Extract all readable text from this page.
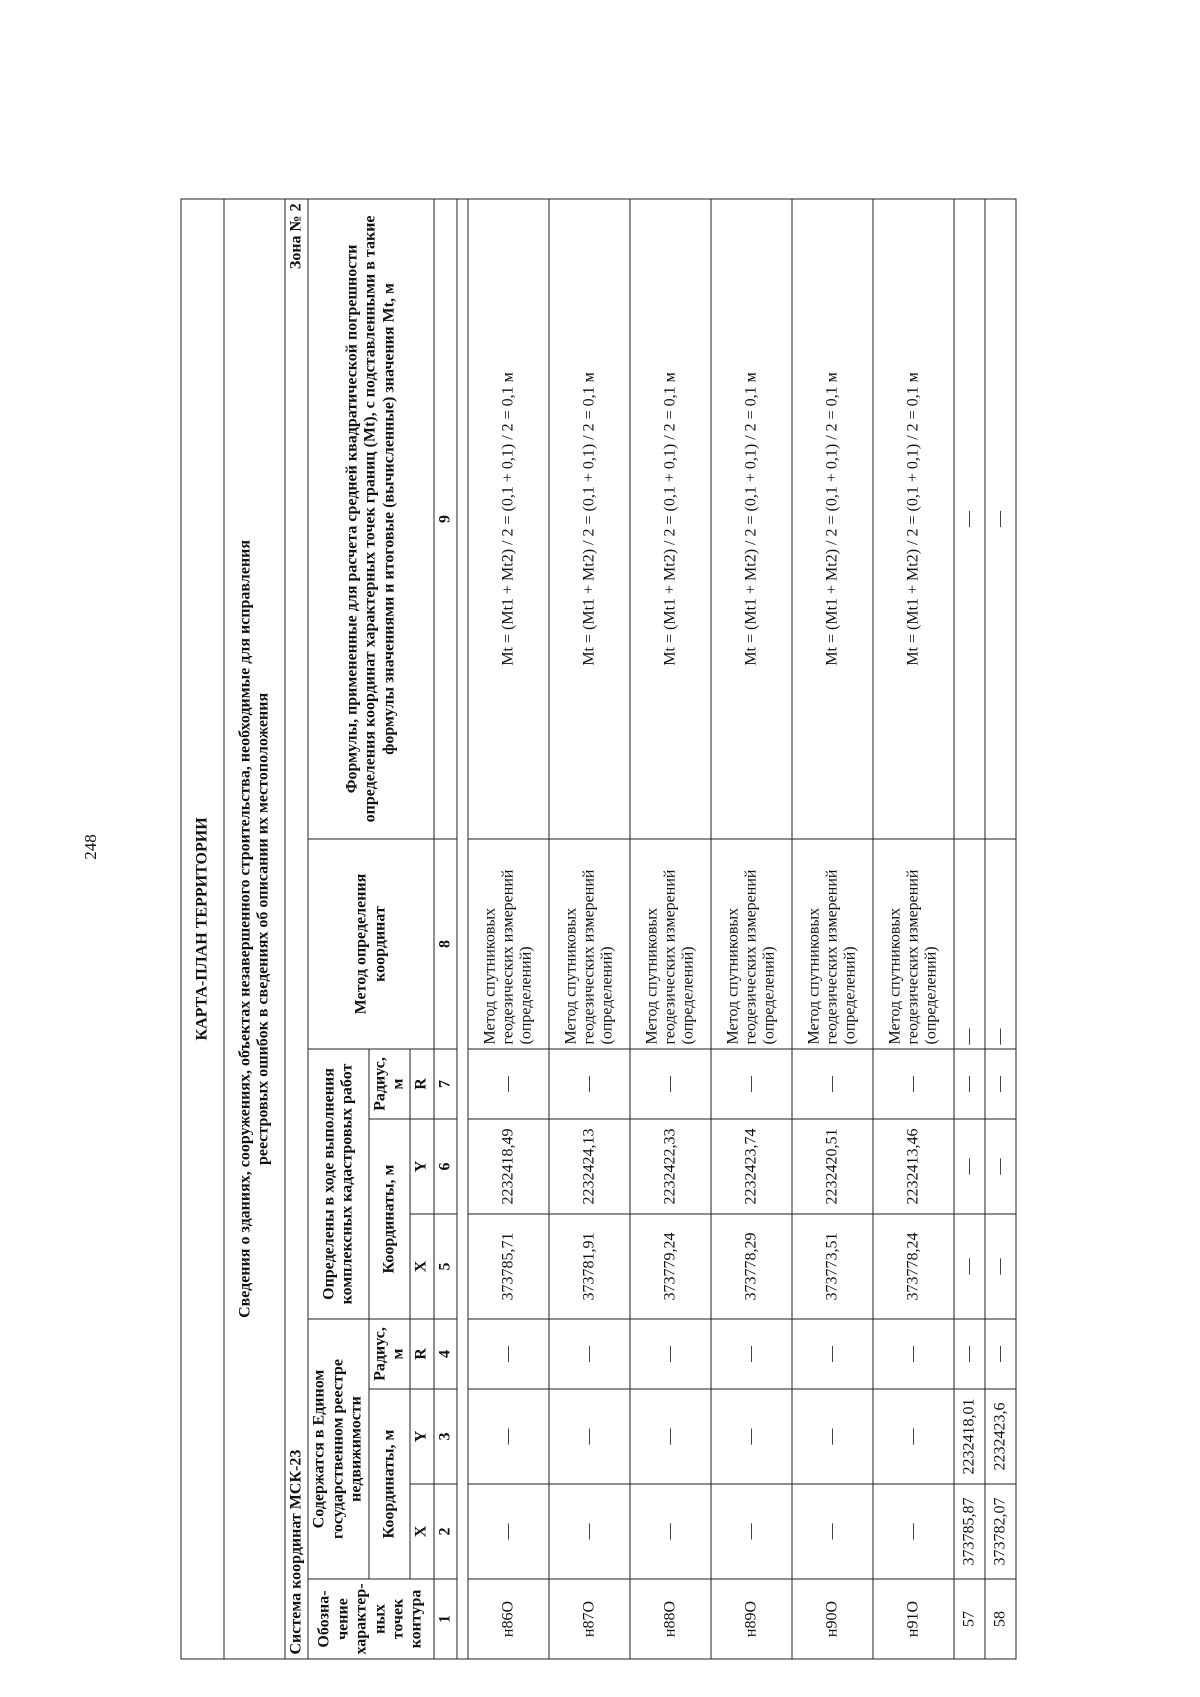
248	КАРТА-ПЛАН ТЕРРИТОРИИ								
Сведения о зданиях, сооружениях, объектах незавершенного строительства, необходимые для исправления
реестровых ошибок в сведениях об описании их местоположения								

Система координат МСК-23
Зона № 2								

Обозна-чение характер-ных точек контура	Содержатся в Едином государственном реестре недвижимости			Определены в ходе выполнения комплексных кадастровых работ			Метод определения координат	Формулы, примененные для расчета средней квадратической погрешности определения координат характерных точек границ (Mt), с подставленными в такие формулы значениями и итоговые (вычисленные) значения Mt, м
	Координаты, м		Радиус, м	Координаты, м		Радиус, м		
	X	Y	R	X	Y	R		
1	2	3	4	5	6	7	8	9

н86О	—	—	—	373785,71	2232418,49	—	Метод спутниковых геодезических измерений (определений)	Mt = (Mt1 + Mt2) / 2 = (0,1 + 0,1) / 2 = 0,1 м
н87О	—	—	—	373781,91	2232424,13	—	Метод спутниковых геодезических измерений (определений)	Mt = (Mt1 + Mt2) / 2 = (0,1 + 0,1) / 2 = 0,1 м
н88О	—	—	—	373779,24	2232422,33	—	Метод спутниковых геодезических измерений (определений)	Mt = (Mt1 + Mt2) / 2 = (0,1 + 0,1) / 2 = 0,1 м
н89О	—	—	—	373778,29	2232423,74	—	Метод спутниковых геодезических измерений (определений)	Mt = (Mt1 + Mt2) / 2 = (0,1 + 0,1) / 2 = 0,1 м
н90О	—	—	—	373773,51	2232420,51	—	Метод спутниковых геодезических измерений (определений)	Mt = (Mt1 + Mt2) / 2 = (0,1 + 0,1) / 2 = 0,1 м
н91О	—	—	—	373778,24	2232413,46	—	Метод спутниковых геодезических измерений (определений)	Mt = (Mt1 + Mt2) / 2 = (0,1 + 0,1) / 2 = 0,1 м
57	373785,87	2232418,01	—	—	—	—	—	—
58	373782,07	2232423,6	—	—	—	—	—	—
